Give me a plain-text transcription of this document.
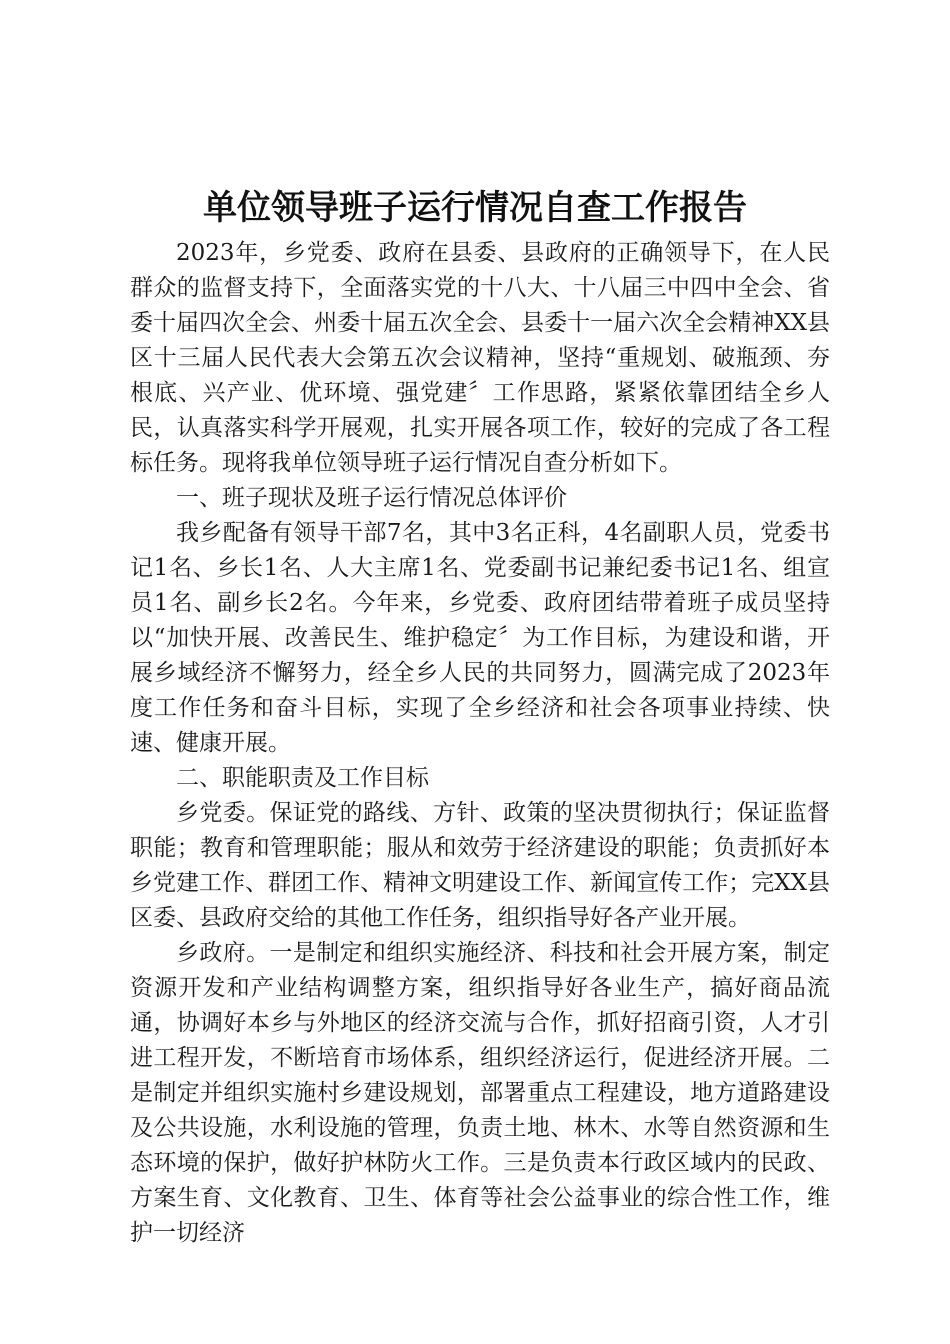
单位领导班子运行情况自查工作报告

2023年，乡党委、政府在县委、县政府的正确领导下，在人民群众的监督支持下，全面落实党的十八大、十八届三中四中全会、省委十届四次全会、州委十届五次全会、县委十一届六次全会精神XX县区十三届人民代表大会第五次会议精神，坚持“重规划、破瓶颈、夯根底、兴产业、优环境、强党建〞工作思路，紧紧依靠团结全乡人民，认真落实科学开展观，扎实开展各项工作，较好的完成了各工程标任务。现将我单位领导班子运行情况自查分析如下。

一、班子现状及班子运行情况总体评价

我乡配备有领导干部7名，其中3名正科，4名副职人员，党委书记1名、乡长1名、人大主席1名、党委副书记兼纪委书记1名、组宣员1名、副乡长2名。今年来，乡党委、政府团结带着班子成员坚持以“加快开展、改善民生、维护稳定〞为工作目标，为建设和谐，开展乡域经济不懈努力，经全乡人民的共同努力，圆满完成了2023年度工作任务和奋斗目标，实现了全乡经济和社会各项事业持续、快速、健康开展。

二、职能职责及工作目标

乡党委。保证党的路线、方针、政策的坚决贯彻执行；保证监督职能；教育和管理职能；服从和效劳于经济建设的职能；负责抓好本乡党建工作、群团工作、精神文明建设工作、新闻宣传工作；完XX县区委、县政府交给的其他工作任务，组织指导好各产业开展。

乡政府。一是制定和组织实施经济、科技和社会开展方案，制定资源开发和产业结构调整方案，组织指导好各业生产，搞好商品流通，协调好本乡与外地区的经济交流与合作，抓好招商引资，人才引进工程开发，不断培育市场体系，组织经济运行，促进经济开展。二是制定并组织实施村乡建设规划，部署重点工程建设，地方道路建设及公共设施，水利设施的管理，负责土地、林木、水等自然资源和生态环境的保护，做好护林防火工作。三是负责本行政区域内的民政、方案生育、文化教育、卫生、体育等社会公益事业的综合性工作，维护一切经济
